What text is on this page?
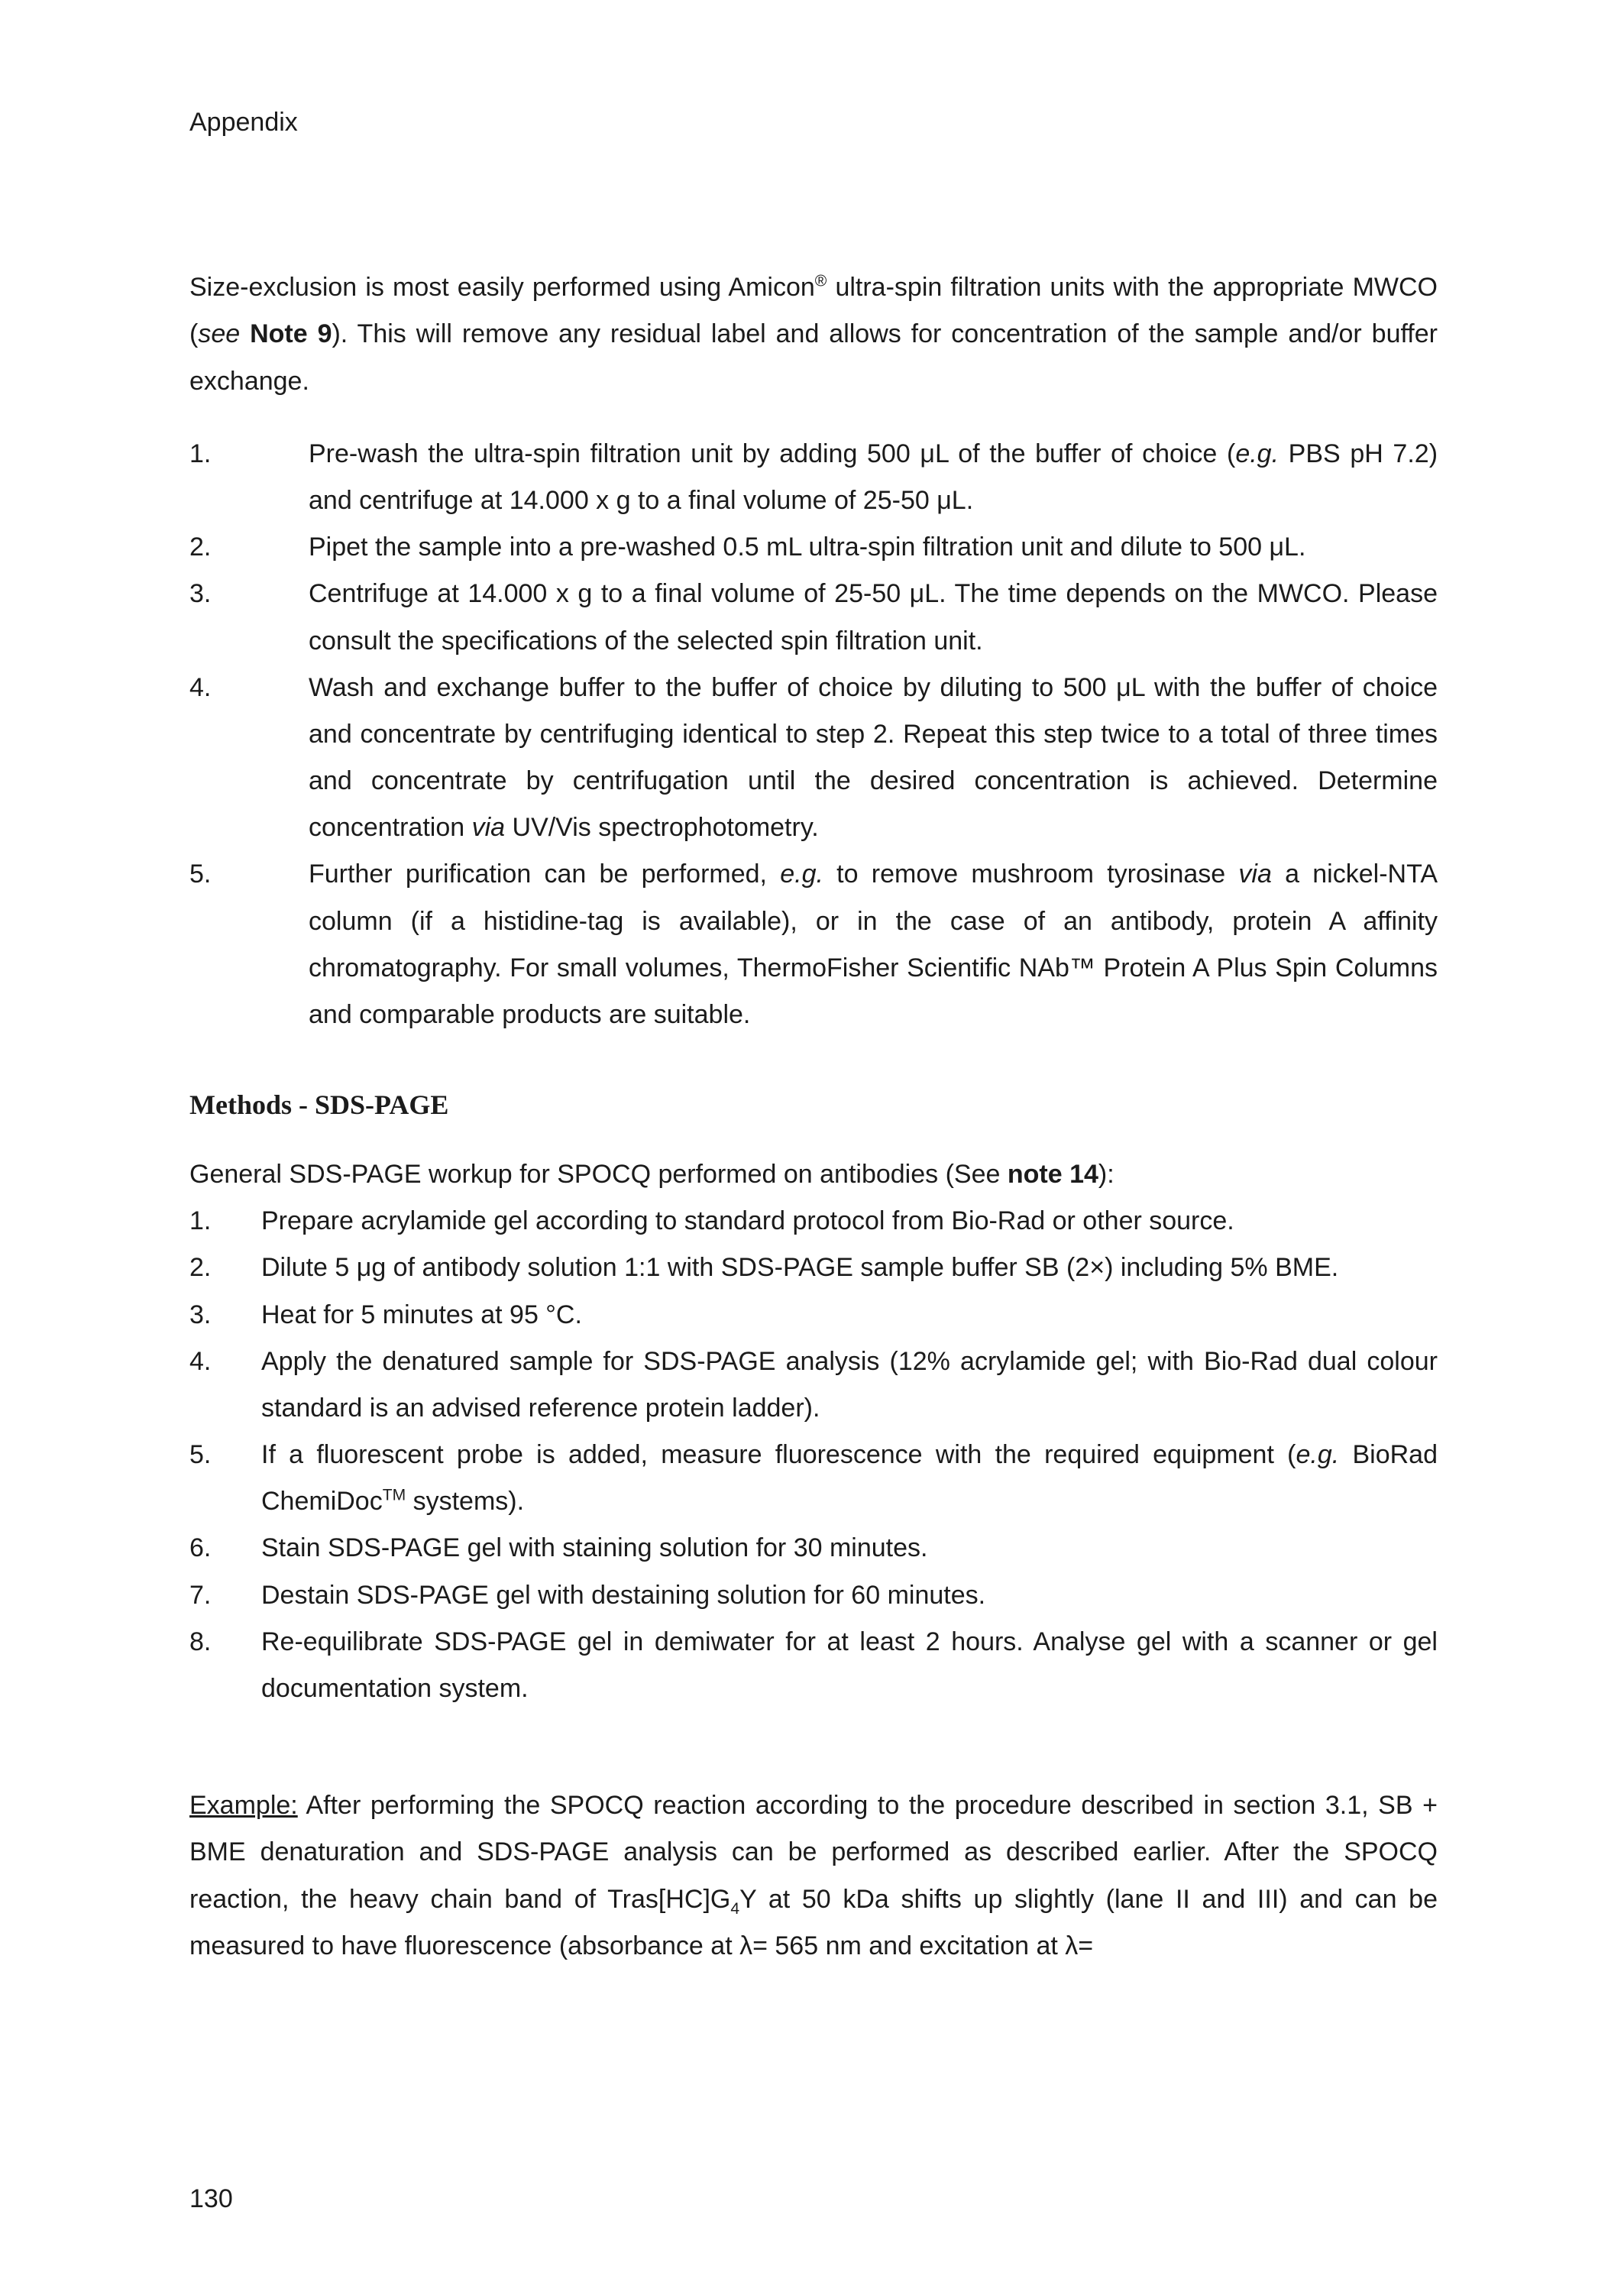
Appendix
Size-exclusion is most easily performed using Amicon® ultra-spin filtration units with the appropriate MWCO (see Note 9). This will remove any residual label and allows for concentration of the sample and/or buffer exchange.
1.	Pre-wash the ultra-spin filtration unit by adding 500 μL of the buffer of choice (e.g. PBS pH 7.2) and centrifuge at 14.000 x g to a final volume of 25-50 μL.
2.	Pipet the sample into a pre-washed 0.5 mL ultra-spin filtration unit and dilute to 500 μL.
3.	Centrifuge at 14.000 x g to a final volume of 25-50 μL. The time depends on the MWCO. Please consult the specifications of the selected spin filtration unit.
4.	Wash and exchange buffer to the buffer of choice by diluting to 500 μL with the buffer of choice and concentrate by centrifuging identical to step 2. Repeat this step twice to a total of three times and concentrate by centrifugation until the desired concentration is achieved. Determine concentration via UV/Vis spectrophotometry.
5.	Further purification can be performed, e.g. to remove mushroom tyrosinase via a nickel-NTA column (if a histidine-tag is available), or in the case of an antibody, protein A affinity chromatography. For small volumes, ThermoFisher Scientific NAb™ Protein A Plus Spin Columns and comparable products are suitable.
Methods - SDS-PAGE
General SDS-PAGE workup for SPOCQ performed on antibodies (See note 14):
1.	Prepare acrylamide gel according to standard protocol from Bio-Rad or other source.
2.	Dilute 5 μg of antibody solution 1:1 with SDS-PAGE sample buffer SB (2×) including 5% BME.
3.	Heat for 5 minutes at 95 °C.
4.	Apply the denatured sample for SDS-PAGE analysis (12% acrylamide gel; with Bio-Rad dual colour standard is an advised reference protein ladder).
5.	If a fluorescent probe is added, measure fluorescence with the required equipment (e.g. BioRad ChemiDoc™ systems).
6.	Stain SDS-PAGE gel with staining solution for 30 minutes.
7.	Destain SDS-PAGE gel with destaining solution for 60 minutes.
8.	Re-equilibrate SDS-PAGE gel in demiwater for at least 2 hours. Analyse gel with a scanner or gel documentation system.
Example: After performing the SPOCQ reaction according to the procedure described in section 3.1, SB + BME denaturation and SDS-PAGE analysis can be performed as described earlier. After the SPOCQ reaction, the heavy chain band of $Tras[HC]G_4Y$ at 50 kDa shifts up slightly (lane II and III) and can be measured to have fluorescence (absorbance at λ= 565 nm and excitation at λ=
130
